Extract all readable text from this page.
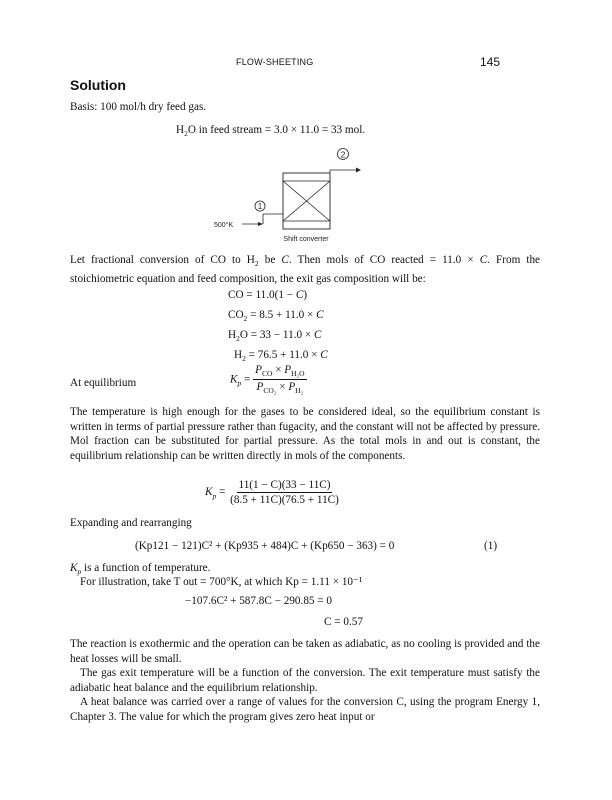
FLOW-SHEETING	145
Solution
Basis: 100 mol/h dry feed gas.
$H_2O$ in feed stream = 3.0 × 11.0 = 33 mol.
2
1
500°K
Shift converter
Let fractional conversion of CO to $H_2$ be C. Then mols of CO reacted = 11.0 × C. From the stoichiometric equation and feed composition, the exit gas composition will be:
CO = 11.0(1 − C)
$CO_2 = 8.5 + 11.0 \times C$
$H_2O = 33 - 11.0 \times C$
$H_2 = 76.5 + 11.0 \times C$
At equilibrium	$K_p = \frac{P_{CO} \times P_{H_2O}}{P_{CO_2} \times P_{H_2}}$
The temperature is high enough for the gases to be considered ideal, so the equilibrium constant is written in terms of partial pressure rather than fugacity, and the constant will not be affected by pressure. Mol fraction can be substituted for partial pressure. As the total mols in and out is constant, the equilibrium relationship can be written directly in mols of the components.
$K_p = \frac{11(1 - C)(33 - 11C)}{(8.5 + 11C)(76.5 + 11C)}$
Expanding and rearranging
(Kp121 − 121)C² + (Kp935 + 484)C + (Kp650 − 363) = 0	(1)
$K_p$ is a function of temperature.
For illustration, take T out = 700°K, at which Kp = 1.11 × 10⁻¹
−107.6C² + 587.8C − 290.85 = 0
C = 0.57
The reaction is exothermic and the operation can be taken as adiabatic, as no cooling is provided and the heat losses will be small.
The gas exit temperature will be a function of the conversion. The exit temperature must satisfy the adiabatic heat balance and the equilibrium relationship.
A heat balance was carried over a range of values for the conversion C, using the program Energy 1, Chapter 3. The value for which the program gives zero heat input or
